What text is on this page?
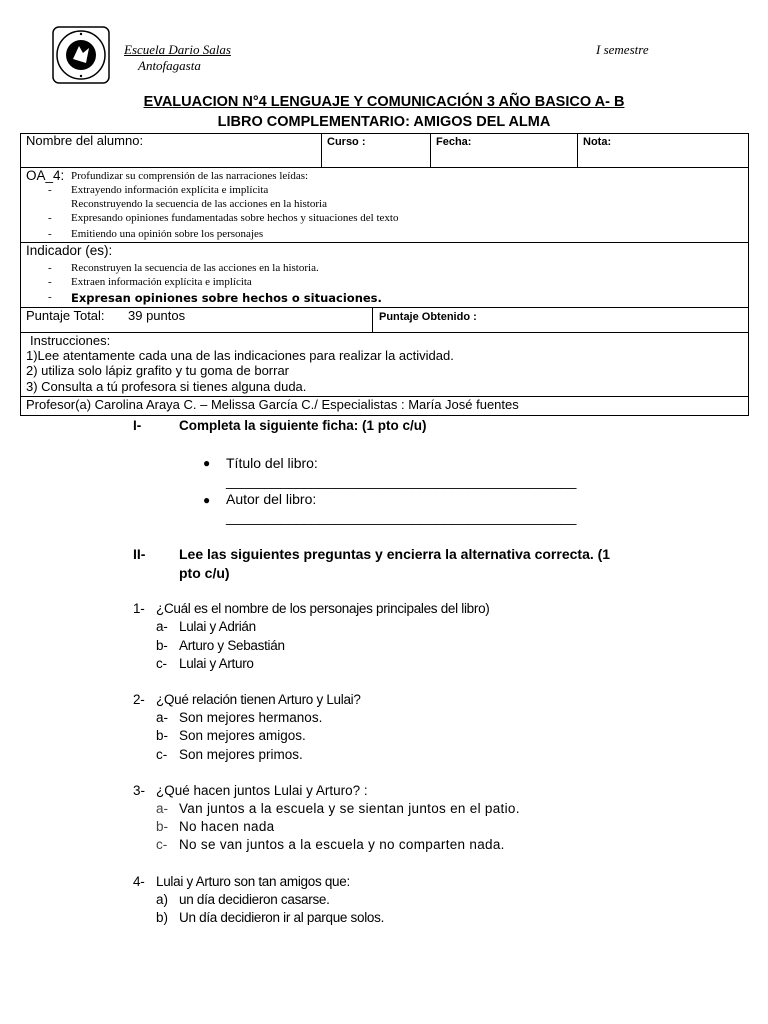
Escuela Dario Salas
Antofagasta
I semestre
EVALUACION N°4 LENGUAJE Y COMUNICACIÓN 3 AÑO BASICO A- B
LIBRO COMPLEMENTARIO: AMIGOS DEL ALMA
Nombre del alumno:	Curso :	Fecha:	Nota:
OA_4: Profundizar su comprensión de las narraciones leídas:
- Extrayendo información explícita e implícita
Reconstruyendo la secuencia de las acciones en la historia
- Expresando opiniones fundamentadas sobre hechos y situaciones del texto
- Emitiendo una opinión sobre los personajes
Indicador (es):
- Reconstruyen la secuencia de las acciones en la historia.
- Extraen información explícita e implícita
- Expresan opiniones sobre hechos o situaciones.
Puntaje Total: 39 puntos	Puntaje Obtenido :
Instrucciones:
1)Lee atentamente cada una de las indicaciones para realizar la actividad.
2) utiliza solo lápiz grafito y tu goma de borrar
3) Consulta a tú profesora si tienes alguna duda.
Profesor(a) Carolina Araya C. – Melissa García C./ Especialistas : María José fuentes
I-	Completa la siguiente ficha: (1 pto c/u)
● Título del libro:
_____________________________________________
● Autor del libro:
_____________________________________________
II- Lee las siguientes preguntas y encierra la alternativa correcta. (1
pto c/u)
1- ¿Cuál es el nombre de los personajes principales del libro)
a- Lulai y Adrián
b- Arturo y Sebastián
c- Lulai y Arturo
2- ¿Qué relación tienen Arturo y Lulai?
a- Son mejores hermanos.
b- Son mejores amigos.
c- Son mejores primos.
3- ¿Qué hacen juntos Lulai y Arturo? :
a- Van juntos a la escuela y se sientan juntos en el patio.
b- No hacen nada
c- No se van juntos a la escuela y no comparten nada.
4- Lulai y Arturo son tan amigos que:
a) un día decidieron casarse.
b) Un día decidieron ir al parque solos.
